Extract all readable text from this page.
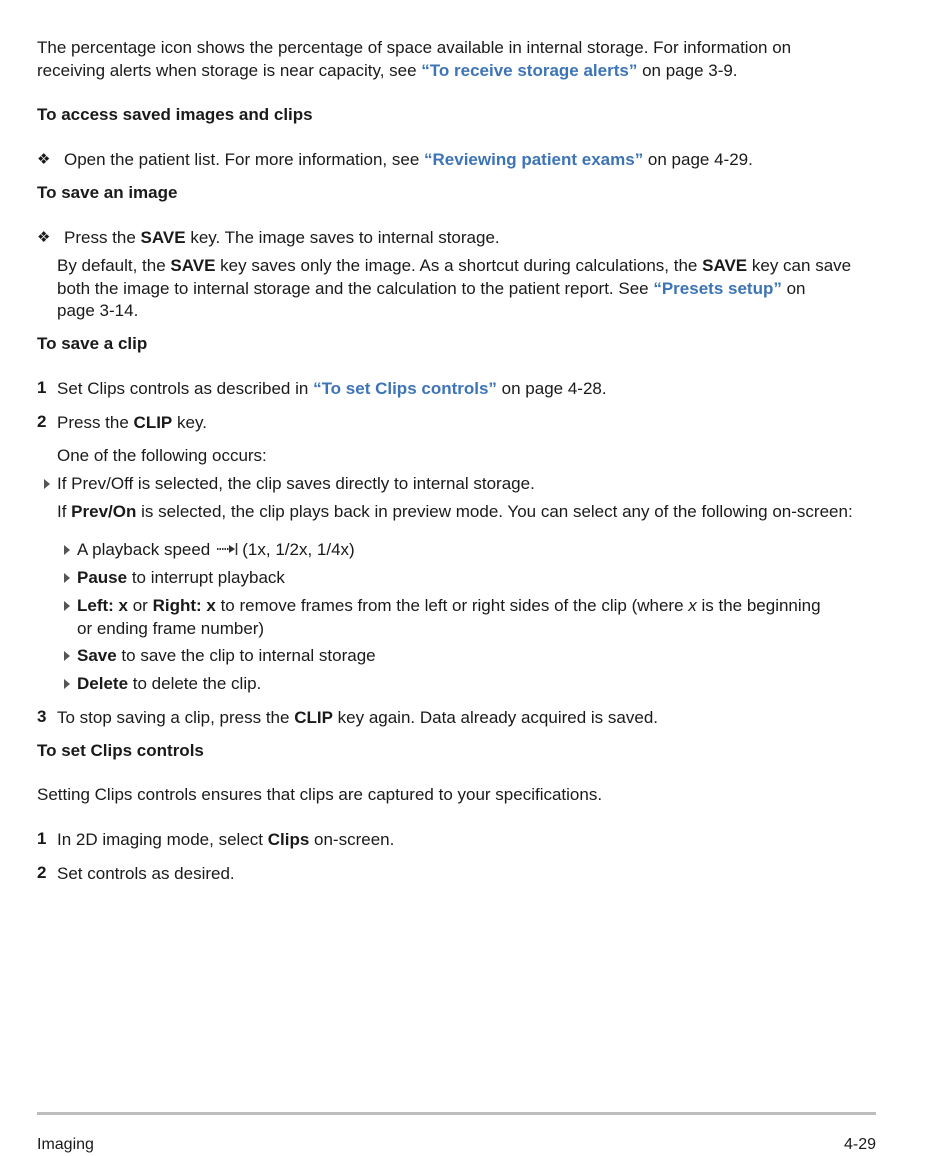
The percentage icon shows the percentage of space available in internal storage. For information on
receiving alerts when storage is near capacity, see “To receive storage alerts” on page 3-9.
To access saved images and clips
❖ Open the patient list. For more information, see “Reviewing patient exams” on page 4-29.
To save an image
❖ Press the SAVE key. The image saves to internal storage.
By default, the SAVE key saves only the image. As a shortcut during calculations, the SAVE key can save
both the image to internal storage and the calculation to the patient report. See “Presets setup” on
page 3-14.
To save a clip
1 Set Clips controls as described in “To set Clips controls” on page 4-28.
2 Press the CLIP key.
One of the following occurs:
If Prev/Off is selected, the clip saves directly to internal storage.
If Prev/On is selected, the clip plays back in preview mode. You can select any of the following on-screen:
A playback speed (1x, 1/2x, 1/4x)
Pause to interrupt playback
Left: x or Right: x to remove frames from the left or right sides of the clip (where x is the beginning
or ending frame number)
Save to save the clip to internal storage
Delete to delete the clip.
3 To stop saving a clip, press the CLIP key again. Data already acquired is saved.
To set Clips controls
Setting Clips controls ensures that clips are captured to your specifications.
1 In 2D imaging mode, select Clips on-screen.
2 Set controls as desired.
Imaging	4-29
